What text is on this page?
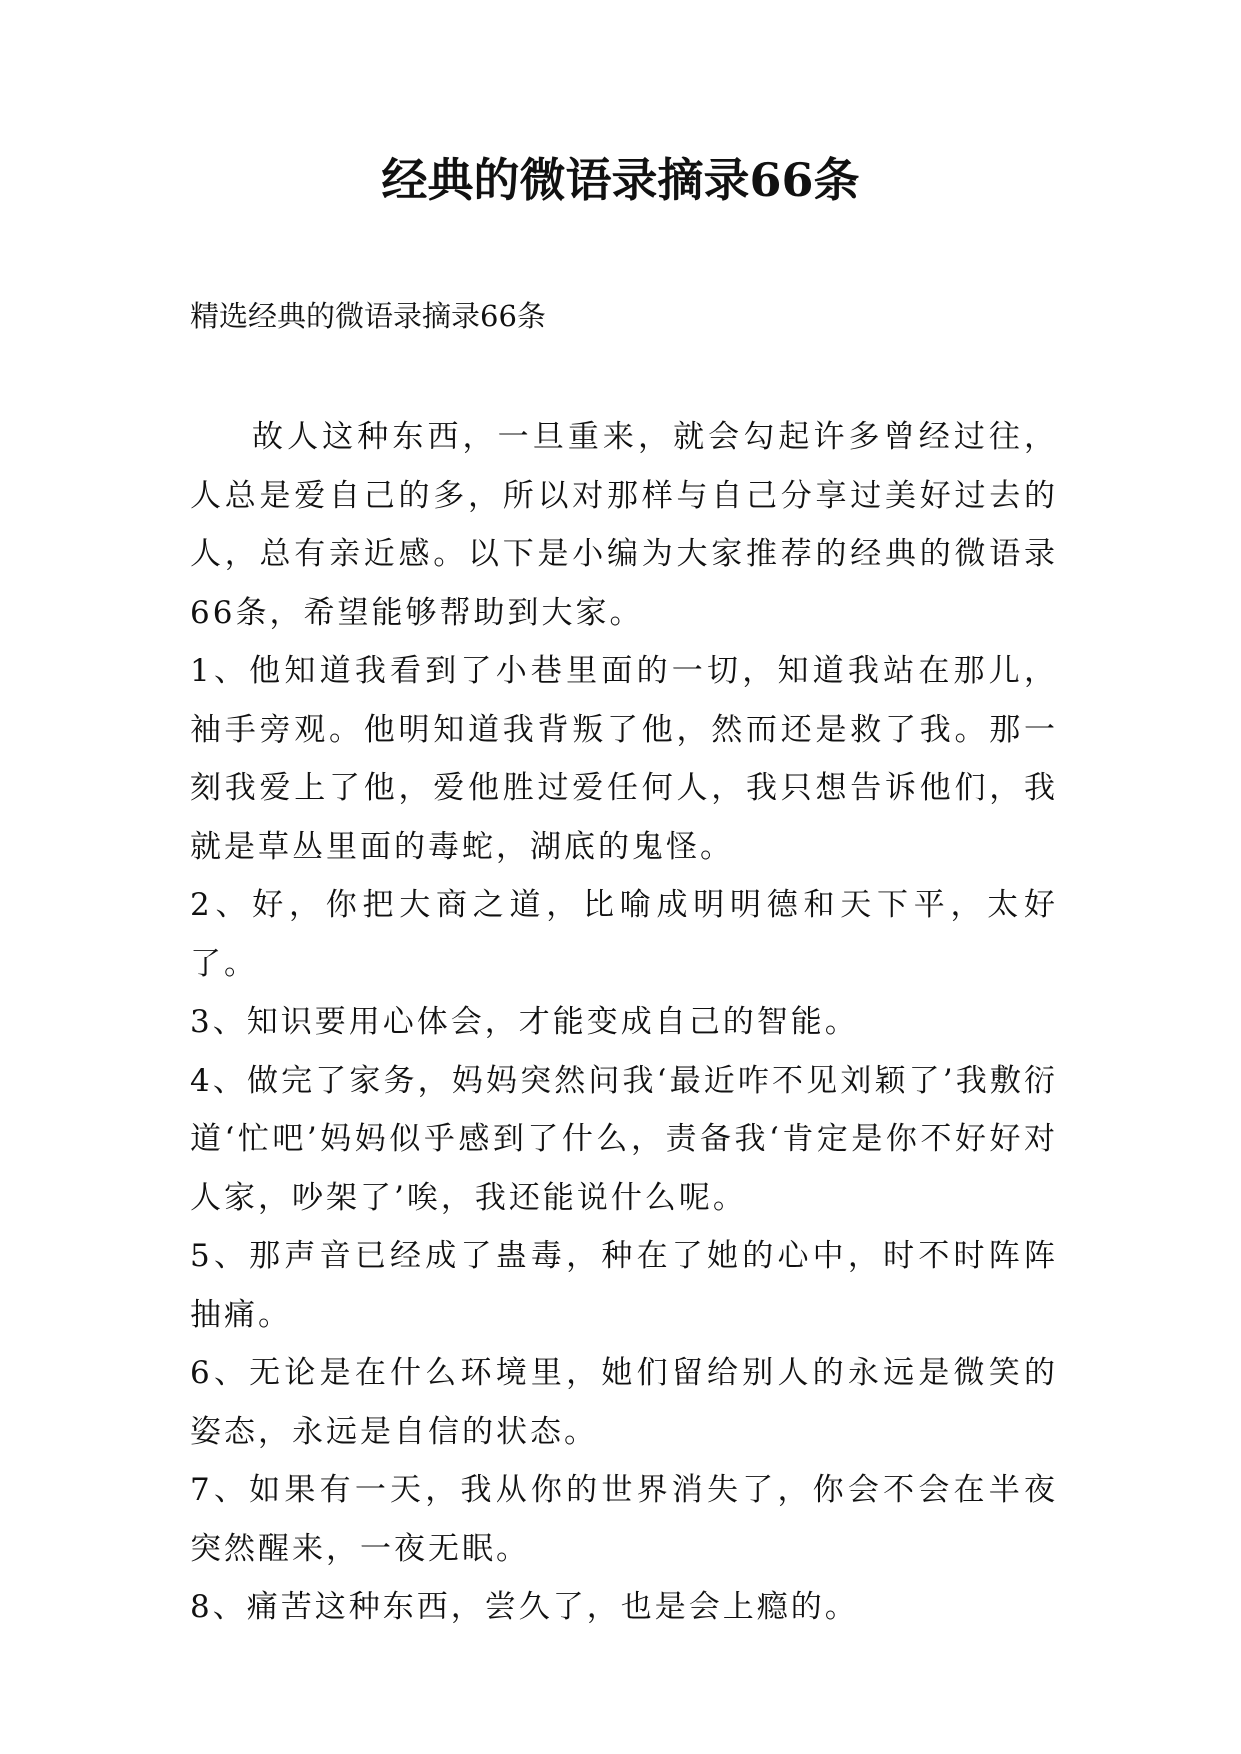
经典的微语录摘录66条

精选经典的微语录摘录66条

故人这种东西，一旦重来，就会勾起许多曾经过往，人总是爱自己的多，所以对那样与自己分享过美好过去的人，总有亲近感。以下是小编为大家推荐的经典的微语录66条，希望能够帮助到大家。

1、他知道我看到了小巷里面的一切，知道我站在那儿，袖手旁观。他明知道我背叛了他，然而还是救了我。那一刻我爱上了他，爱他胜过爱任何人，我只想告诉他们，我就是草丛里面的毒蛇，湖底的鬼怪。

2、好，你把大商之道，比喻成明明德和天下平，太好了。

3、知识要用心体会，才能变成自己的智能。

4、做完了家务，妈妈突然问我‘最近咋不见刘颖了’我敷衍道‘忙吧’妈妈似乎感到了什么，责备我‘肯定是你不好好对人家，吵架了’唉，我还能说什么呢。

5、那声音已经成了蛊毒，种在了她的心中，时不时阵阵抽痛。

6、无论是在什么环境里，她们留给别人的永远是微笑的姿态，永远是自信的状态。

7、如果有一天，我从你的世界消失了，你会不会在半夜突然醒来，一夜无眠。

8、痛苦这种东西，尝久了，也是会上瘾的。
